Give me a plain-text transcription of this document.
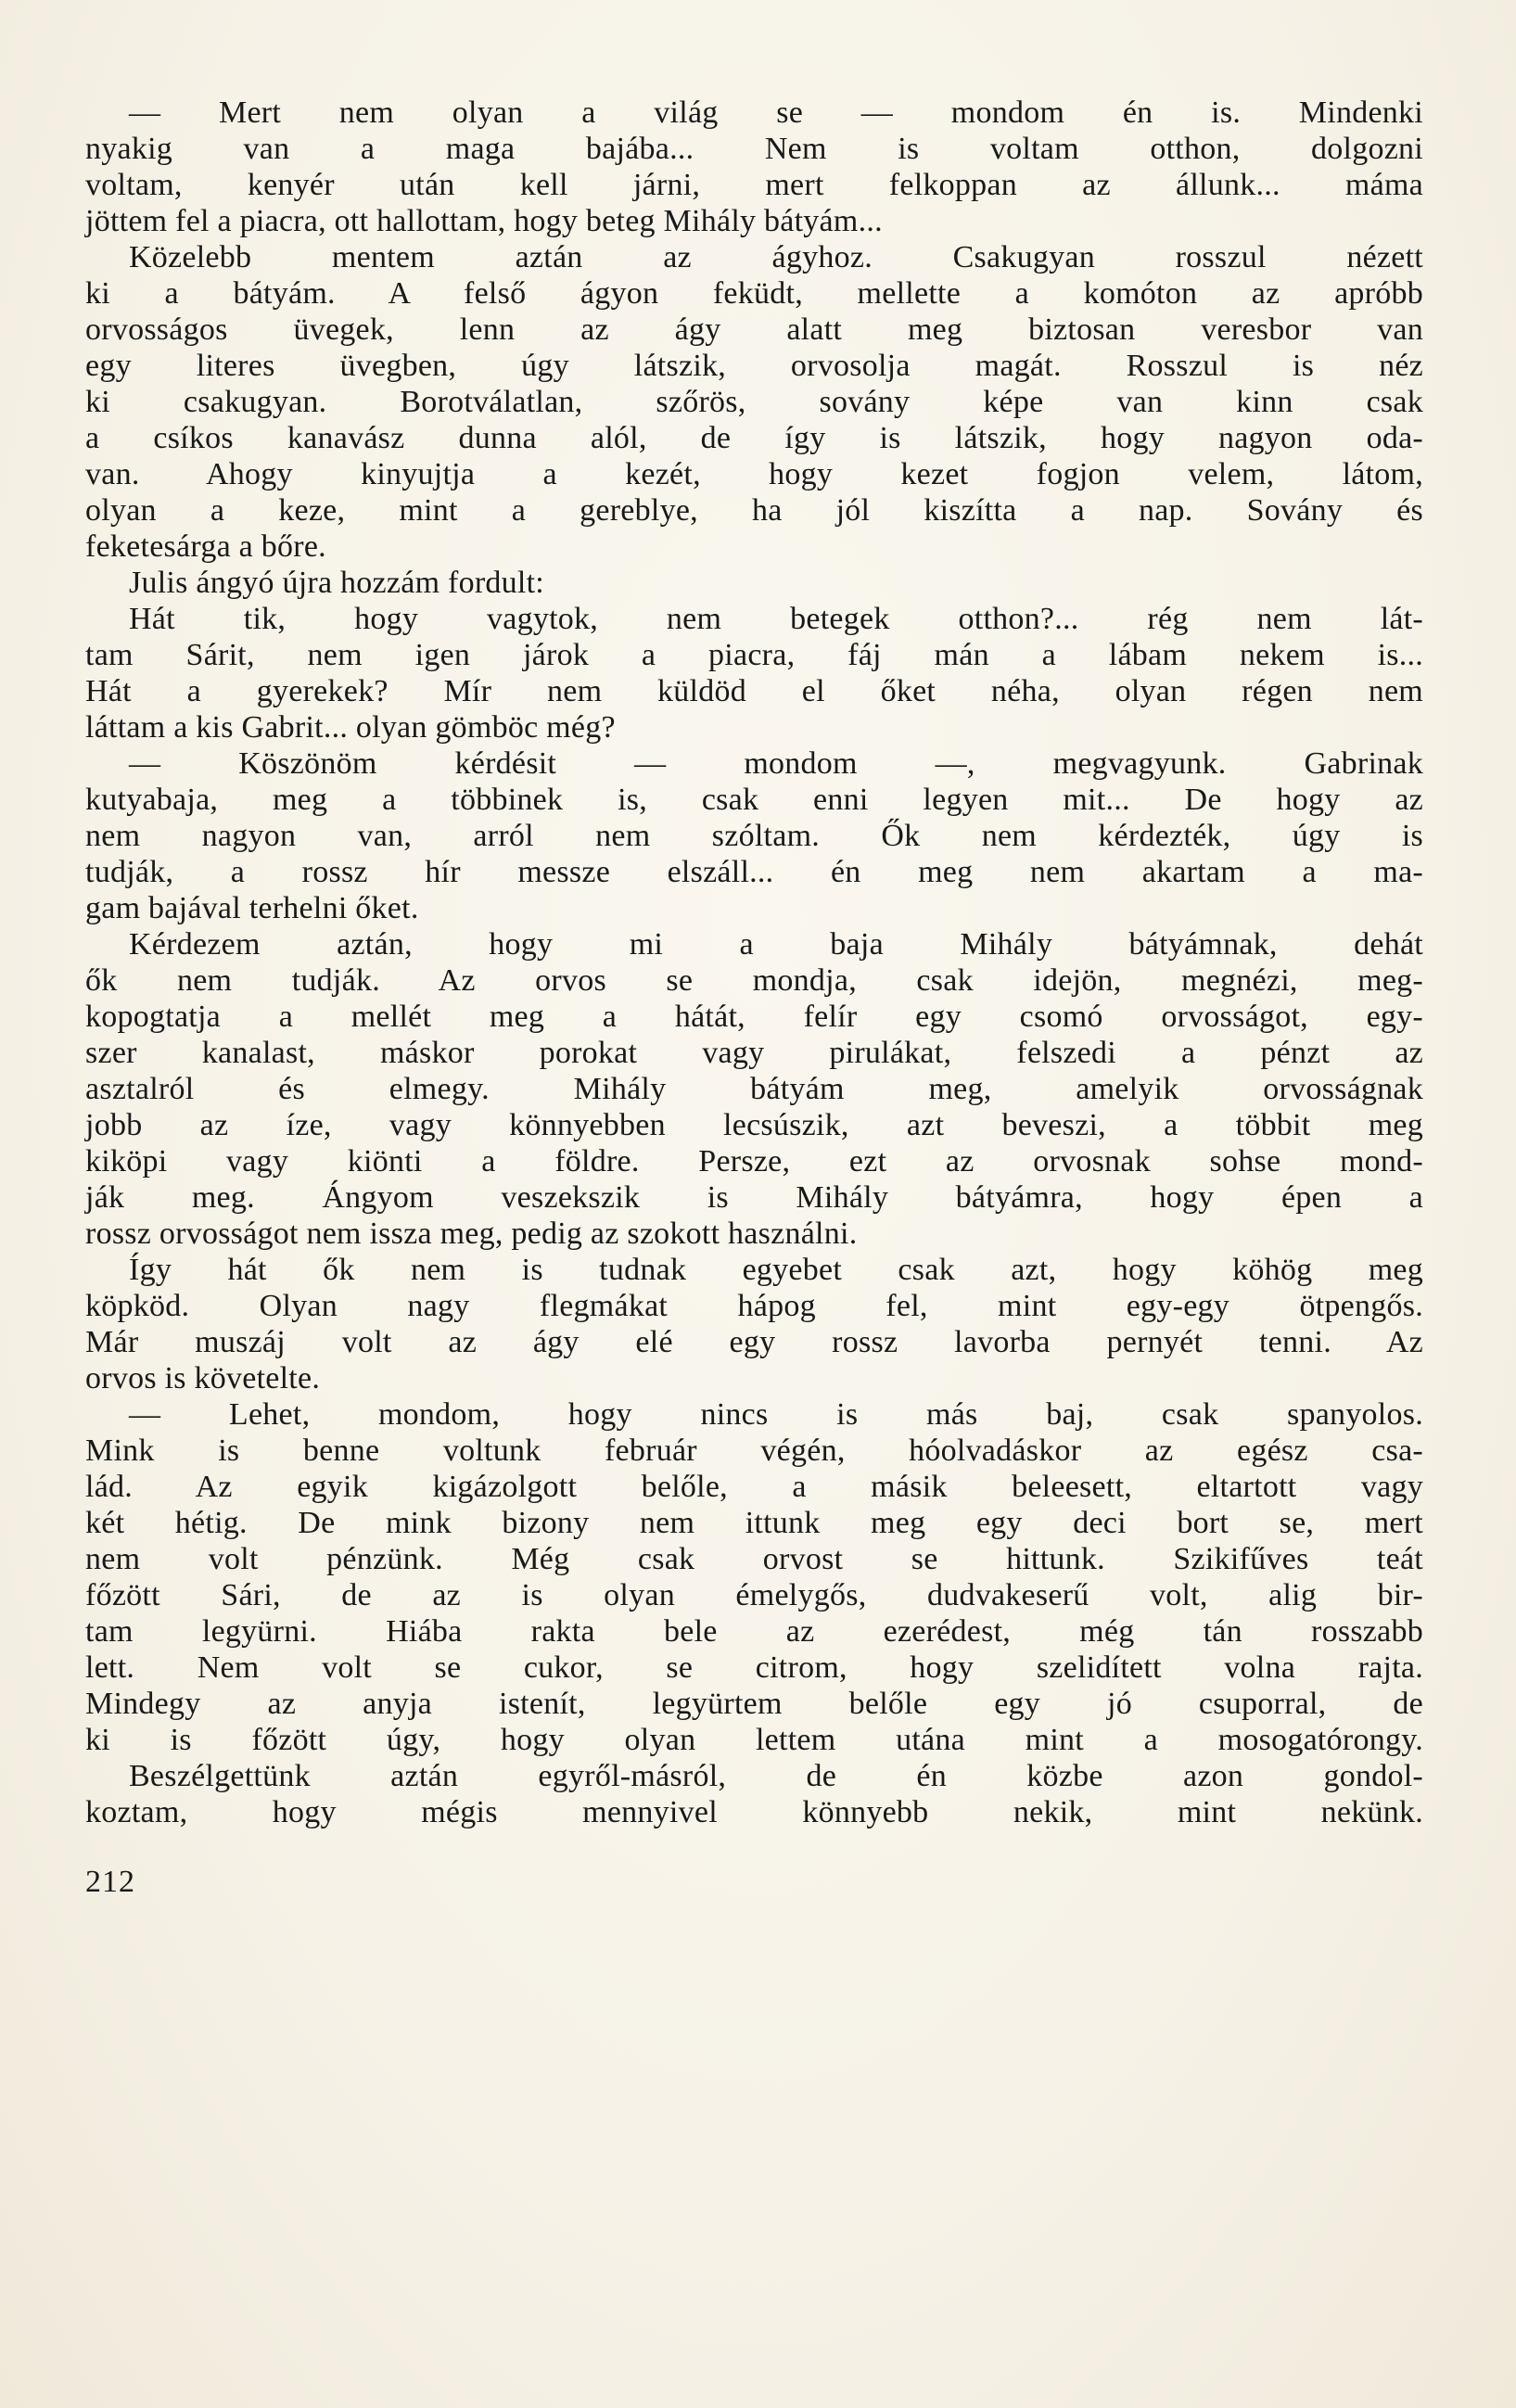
— Mert nem olyan a világ se — mondom én is. Mindenki
nyakig van a maga bajába... Nem is voltam otthon, dolgozni
voltam, kenyér után kell járni, mert felkoppan az állunk... máma
jöttem fel a piacra, ott hallottam, hogy beteg Mihály bátyám...
Közelebb mentem aztán az ágyhoz. Csakugyan rosszul nézett
ki a bátyám. A felső ágyon feküdt, mellette a komóton az apróbb
orvosságos üvegek, lenn az ágy alatt meg biztosan veresbor van
egy literes üvegben, úgy látszik, orvosolja magát. Rosszul is néz
ki csakugyan. Borotválatlan, szőrös, sovány képe van kinn csak
a csíkos kanavász dunna alól, de így is látszik, hogy nagyon oda-
van. Ahogy kinyujtja a kezét, hogy kezet fogjon velem, látom,
olyan a keze, mint a gereblye, ha jól kiszítta a nap. Sovány és
feketesárga a bőre.
Julis ángyó újra hozzám fordult:
Hát tik, hogy vagytok, nem betegek otthon?... rég nem lát-
tam Sárit, nem igen járok a piacra, fáj mán a lábam nekem is...
Hát a gyerekek? Mír nem küldöd el őket néha, olyan régen nem
láttam a kis Gabrit... olyan gömböc még?
— Köszönöm kérdésit — mondom —, megvagyunk. Gabrinak
kutyabaja, meg a többinek is, csak enni legyen mit... De hogy az
nem nagyon van, arról nem szóltam. Ők nem kérdezték, úgy is
tudják, a rossz hír messze elszáll... én meg nem akartam a ma-
gam bajával terhelni őket.
Kérdezem aztán, hogy mi a baja Mihály bátyámnak, dehát
ők nem tudják. Az orvos se mondja, csak idejön, megnézi, meg-
kopogtatja a mellét meg a hátát, felír egy csomó orvosságot, egy-
szer kanalast, máskor porokat vagy pirulákat, felszedi a pénzt az
asztalról és elmegy. Mihály bátyám meg, amelyik orvosságnak
jobb az íze, vagy könnyebben lecsúszik, azt beveszi, a többit meg
kiköpi vagy kiönti a földre. Persze, ezt az orvosnak sohse mond-
ják meg. Ángyom veszekszik is Mihály bátyámra, hogy épen a
rossz orvosságot nem issza meg, pedig az szokott használni.
Így hát ők nem is tudnak egyebet csak azt, hogy köhög meg
köpköd. Olyan nagy flegmákat hápog fel, mint egy-egy ötpengős.
Már muszáj volt az ágy elé egy rossz lavorba pernyét tenni. Az
orvos is követelte.
— Lehet, mondom, hogy nincs is más baj, csak spanyolos.
Mink is benne voltunk február végén, hóolvadáskor az egész csa-
lád. Az egyik kigázolgott belőle, a másik beleesett, eltartott vagy
két hétig. De mink bizony nem ittunk meg egy deci bort se, mert
nem volt pénzünk. Még csak orvost se hittunk. Szikifűves teát
főzött Sári, de az is olyan émelygős, dudvakeserű volt, alig bir-
tam legyürni. Hiába rakta bele az ezerédest, még tán rosszabb
lett. Nem volt se cukor, se citrom, hogy szelidített volna rajta.
Mindegy az anyja istenít, legyürtem belőle egy jó csuporral, de
ki is főzött úgy, hogy olyan lettem utána mint a mosogatórongy.
Beszélgettünk aztán egyről-másról, de én közbe azon gondol-
koztam, hogy mégis mennyivel könnyebb nekik, mint nekünk.
212
